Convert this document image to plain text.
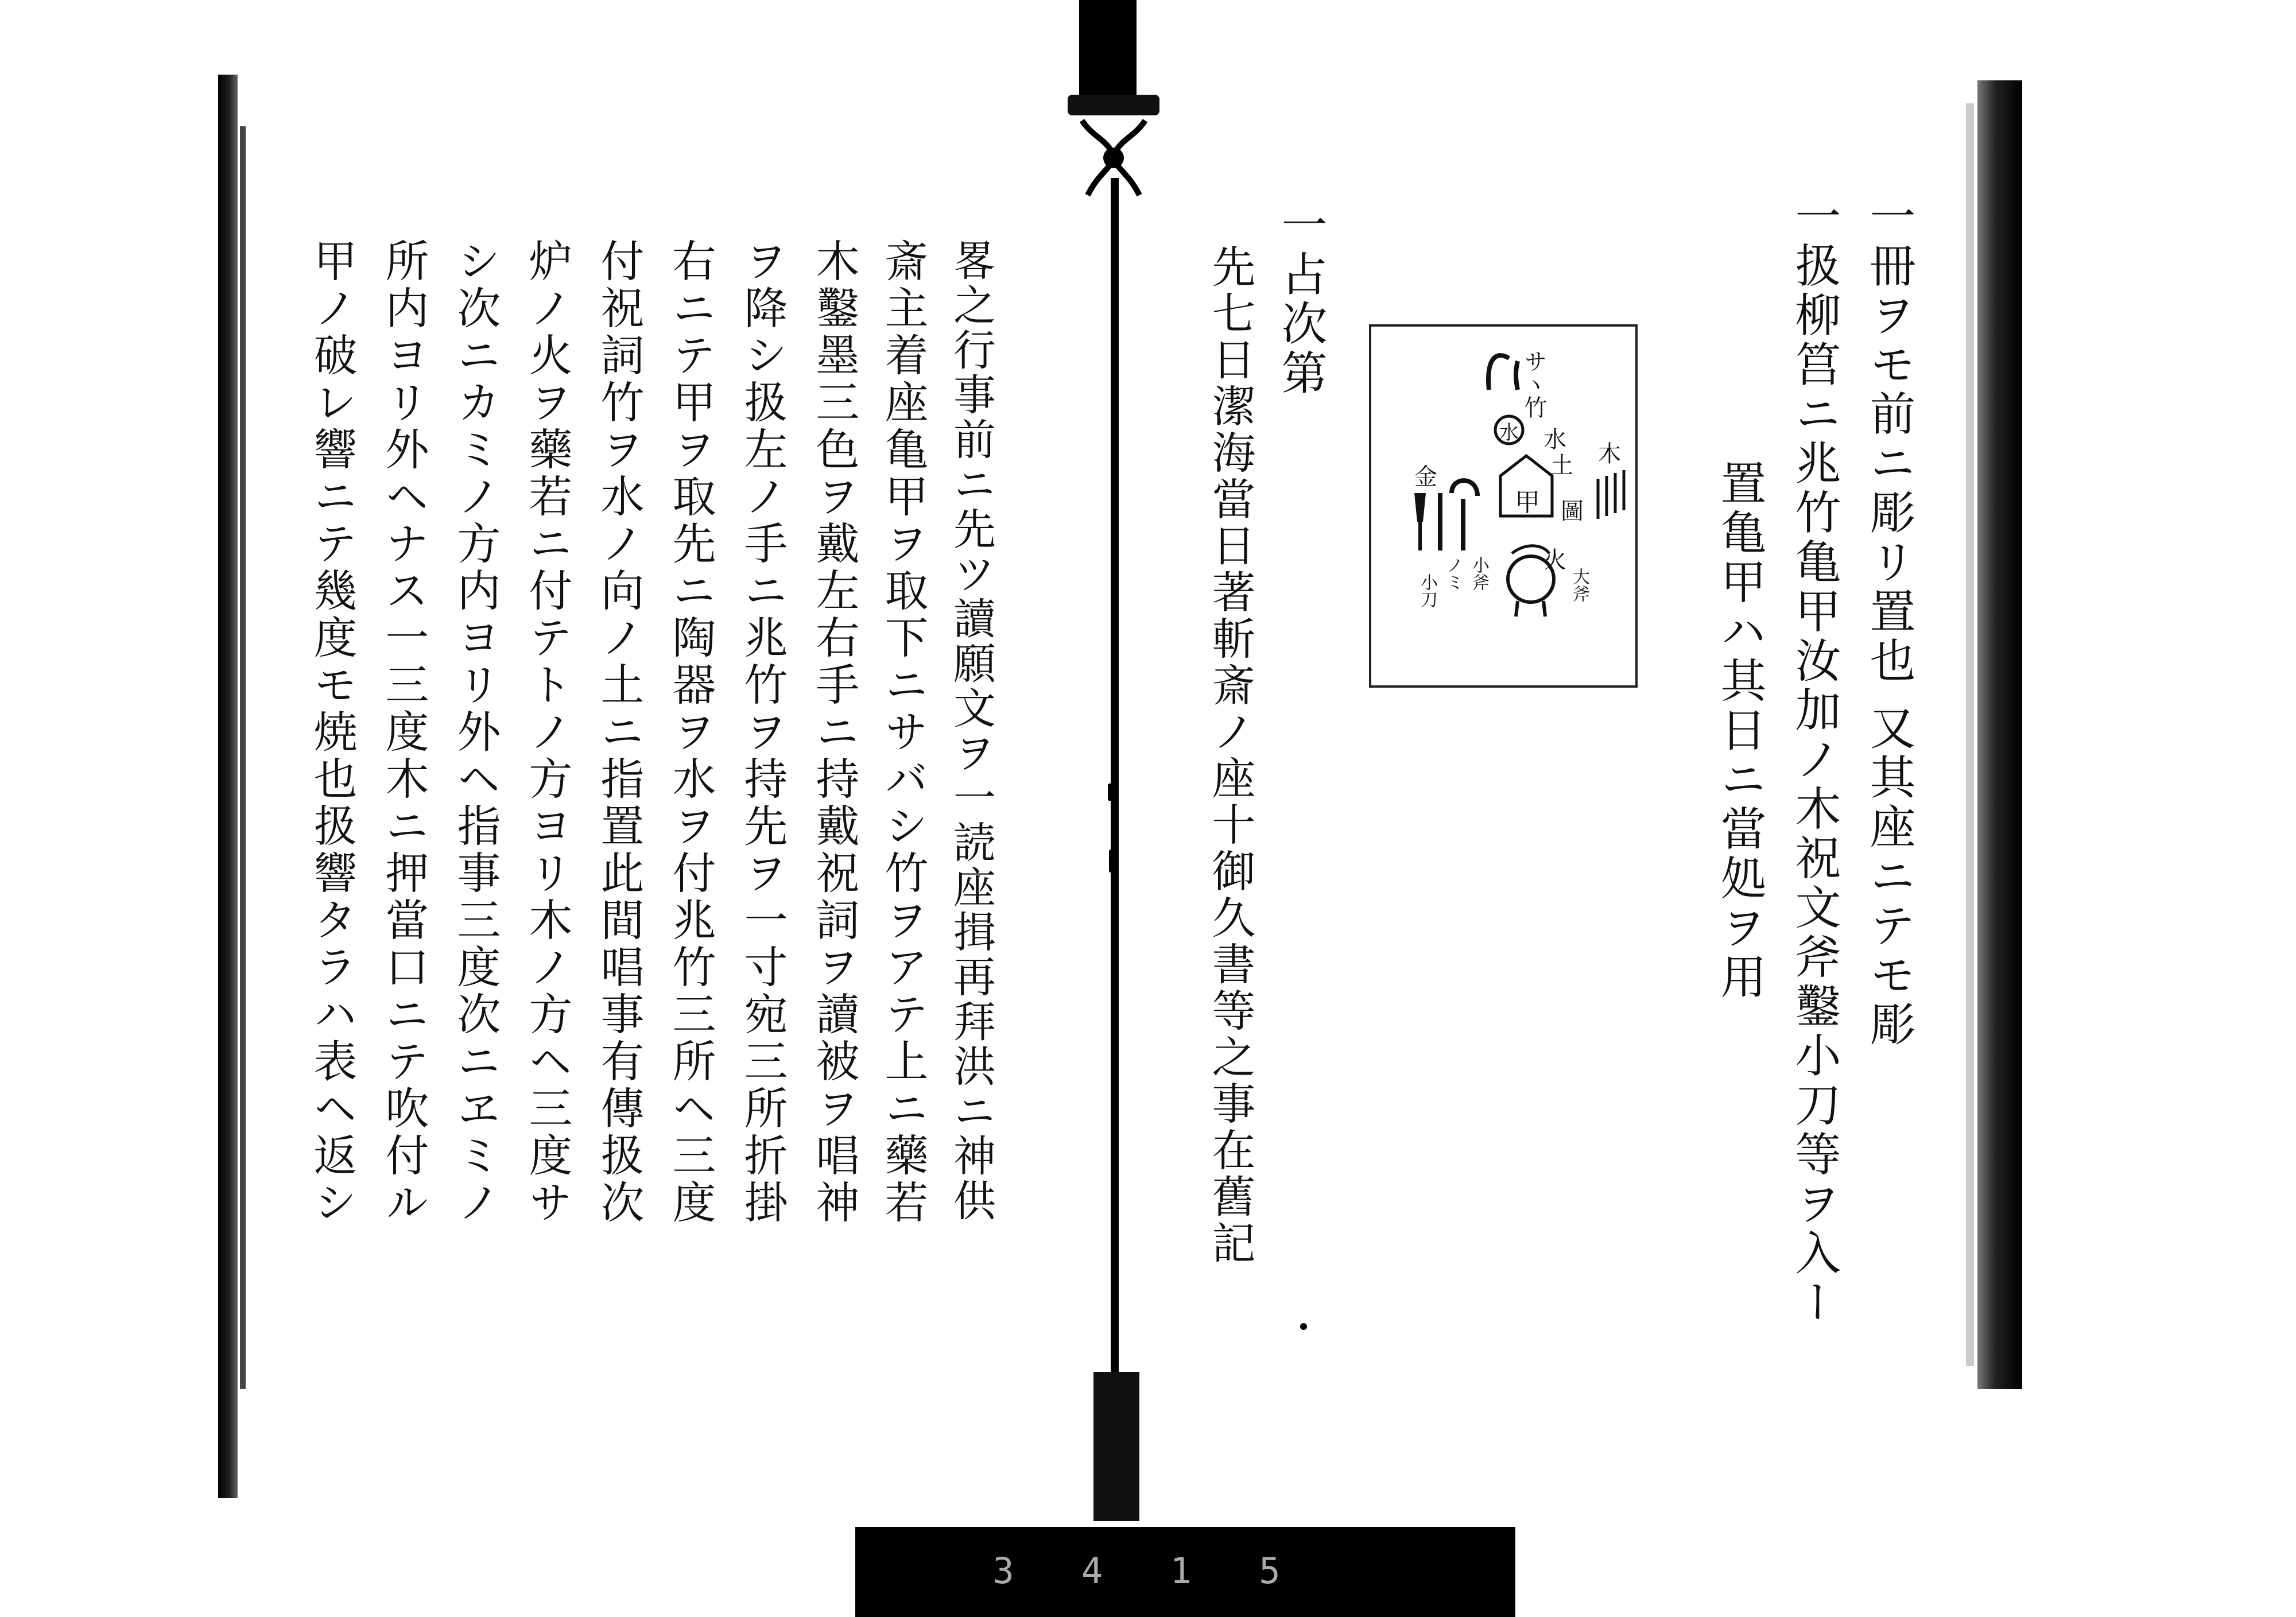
一冊ヲモ前ニ彫リ置也 又其座ニテモ彫
一扱柳筥ニ兆竹亀甲汝加ノ木祝文斧鑿小刀等ヲ入ー
置亀甲ハ其日ニ當処ヲ用
一占次第
先七日潔海當日著斬斎ノ座十御久書等之事在舊記	サヽ竹
水 水
土
甲
木
圖
火
大斧
金
小斧
ノミ
小刀
畧之行事前ニ先ツ讀願文ヲ一読座揖再拜洪ニ神供
斎主着座亀甲ヲ取下ニサバシ竹ヲアテ上ニ藥若
木鑿墨三色ヲ戴左右手ニ持戴祝詞ヲ讀被ヲ唱神
ヲ降シ扱左ノ手ニ兆竹ヲ持先ヲ一寸宛三所折掛
右ニテ甲ヲ取先ニ陶器ヲ水ヲ付兆竹三所ヘ三度
付祝詞竹ヲ水ノ向ノ土ニ指置此間唱事有傳扱次
炉ノ火ヲ藥若ニ付テトノ方ヨリ木ノ方ヘ三度サ
シ次ニカミノ方内ヨリ外ヘ指事三度次ニヱミノ
所内ヨリ外ヘナス一三度木ニ押當口ニテ吹付ル
甲ノ破レ響ニテ幾度モ焼也扱響タラハ表ヘ返シ
3 4 1 5
